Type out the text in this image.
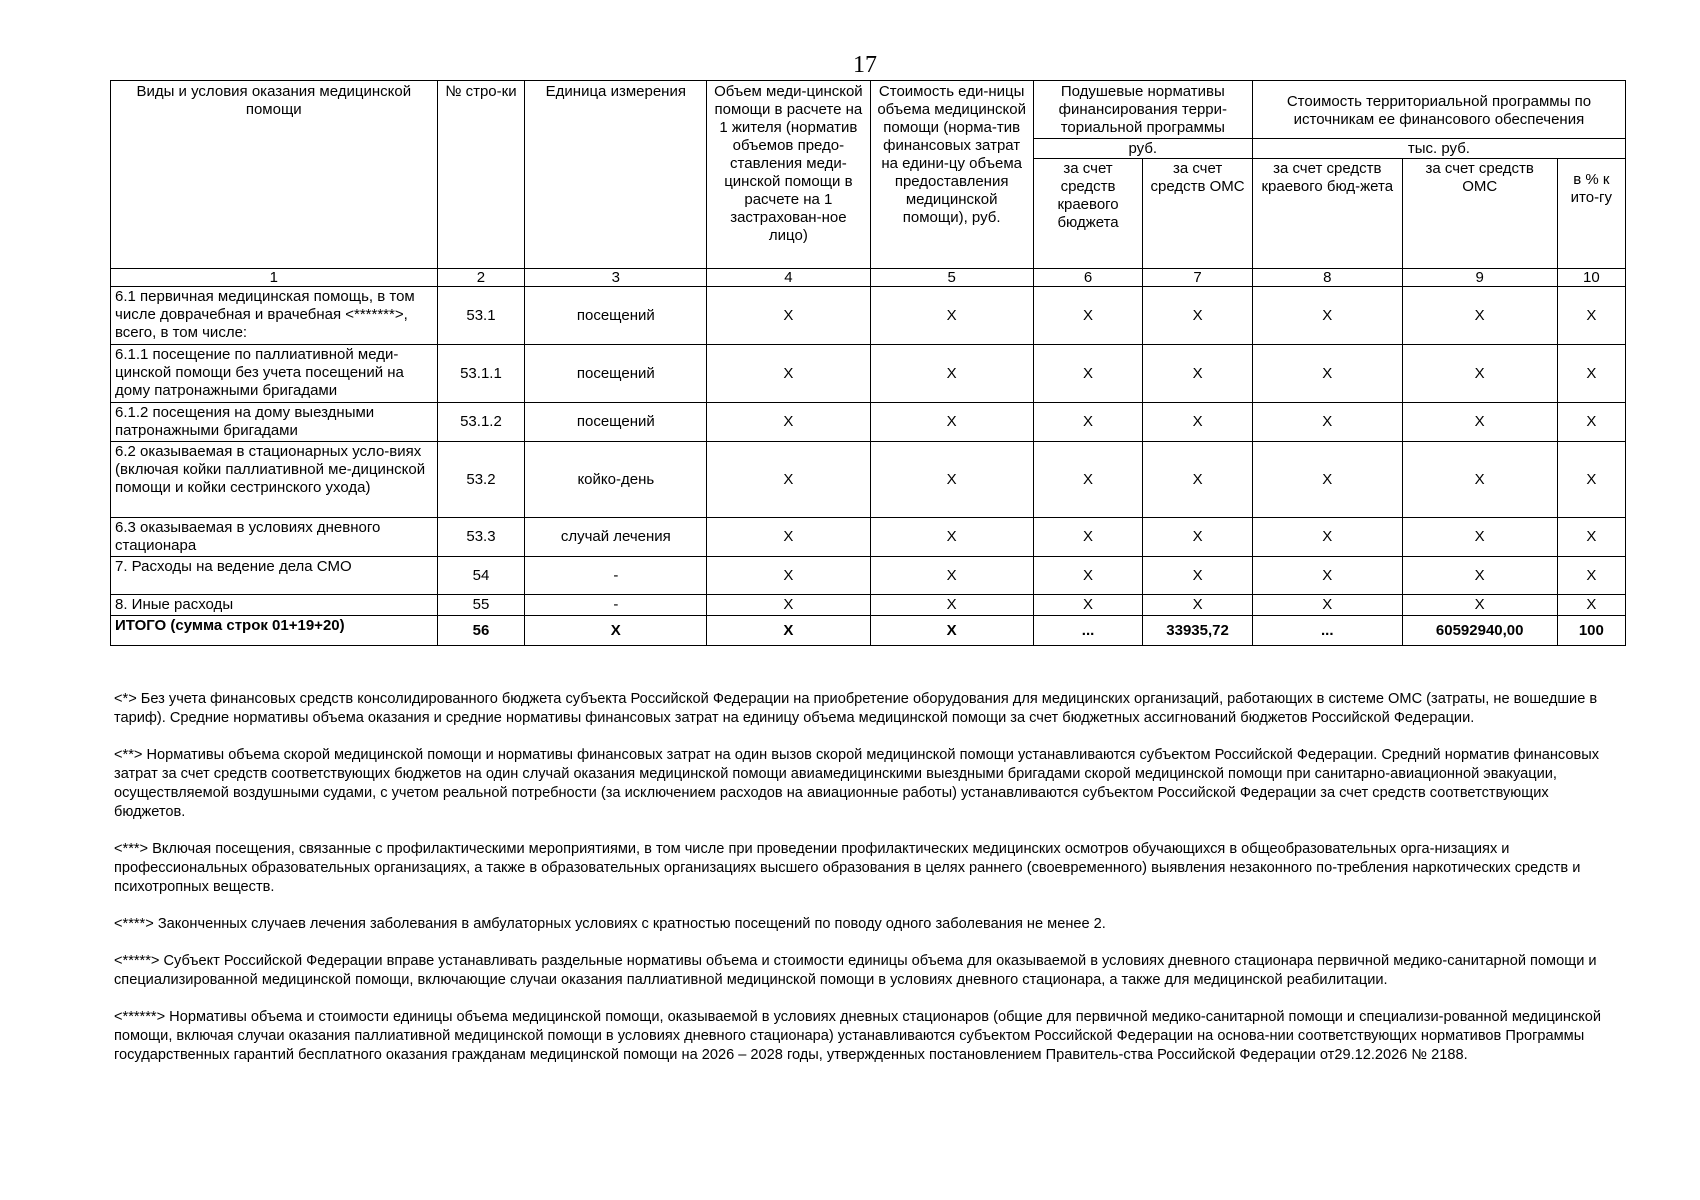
17
Виды и условия оказания медицинской помощи	№ стро-ки	Единица измерения	Объем меди-цинской помощи в расчете на 1 жителя (норматив объемов предо-ставления меди-цинской помощи в расчете на 1 застрахован-ное лицо)	Стоимость еди-ницы объема медицинской помощи (норма-тив финансовых затрат на едини-цу объема предоставления медицинской помощи), руб.	Подушевые нормативы финансирования терри-ториальной программы		Стоимость территориальной программы по источникам ее финансового обеспечения		
					руб.		тыс. руб.		
					за счет средств краевого бюджета	за счет средств ОМС	за счет средств краевого бюд-жета	за счет средств ОМС	в % к ито-гу
1	2	3	4	5	6	7	8	9	10
6.1 первичная медицинская помощь, в том числе доврачебная и врачебная <*******>, всего, в том числе:	53.1	посещений	X	X	X	X	X	X	X
6.1.1 посещение по паллиативной меди-цинской помощи без учета посещений на дому патронажными бригадами	53.1.1	посещений	X	X	X	X	X	X	X
6.1.2 посещения на дому выездными патронажными бригадами	53.1.2	посещений	X	X	X	X	X	X	X
6.2 оказываемая в стационарных усло-виях (включая койки паллиативной ме-дицинской помощи и койки сестринского ухода)	53.2	койко-день	X	X	X	X	X	X	X
6.3 оказываемая в условиях дневного стационара	53.3	случай лечения	X	X	X	X	X	X	X
7. Расходы на ведение дела СМО	54	-	X	X	X	X	X	X	X
8. Иные расходы	55	-	X	X	X	X	X	X	X
ИТОГО (сумма строк 01+19+20)	56	X	X	X	...	33935,72	...	60592940,00	100

<*> Без учета финансовых средств консолидированного бюджета субъекта Российской Федерации на приобретение оборудования для медицинских организаций, работающих в системе ОМС (затраты, не вошедшие в тариф). Средние нормативы объема оказания и средние нормативы финансовых затрат на единицу объема медицинской помощи за счет бюджетных ассигнований бюджетов Российской Федерации.

<**> Нормативы объема скорой медицинской помощи и нормативы финансовых затрат на один вызов скорой медицинской помощи устанавливаются субъектом Российской Федерации. Средний норматив финансовых затрат за счет средств соответствующих бюджетов на один случай оказания медицинской помощи авиамедицинскими выездными бригадами скорой медицинской помощи при санитарно-авиационной эвакуации, осуществляемой воздушными судами, с учетом реальной потребности (за исключением расходов на авиационные работы) устанавливаются субъектом Российской Федерации за счет средств соответствующих бюджетов.

<***> Включая посещения, связанные с профилактическими мероприятиями, в том числе при проведении профилактических медицинских осмотров обучающихся в общеобразовательных орга-низациях и профессиональных образовательных организациях, а также в образовательных организациях высшего образования в целях раннего (своевременного) выявления незаконного по-требления наркотических средств и психотропных веществ.

<****> Законченных случаев лечения заболевания в амбулаторных условиях с кратностью посещений по поводу одного заболевания не менее 2.

<*****> Субъект Российской Федерации вправе устанавливать раздельные нормативы объема и стоимости единицы объема для оказываемой в условиях дневного стационара первичной медико-санитарной помощи и специализированной медицинской помощи, включающие случаи оказания паллиативной медицинской помощи в условиях дневного стационара, а также для медицинской реабилитации.

<******> Нормативы объема и стоимости единицы объема медицинской помощи, оказываемой в условиях дневных стационаров (общие для первичной медико-санитарной помощи и специализи-рованной медицинской помощи, включая случаи оказания паллиативной медицинской помощи в условиях дневного стационара) устанавливаются субъектом Российской Федерации на основа-нии соответствующих нормативов Программы государственных гарантий бесплатного оказания гражданам медицинской помощи на 2026 – 2028 годы, утвержденных постановлением Правитель-ства Российской Федерации от29.12.2026 № 2188.
